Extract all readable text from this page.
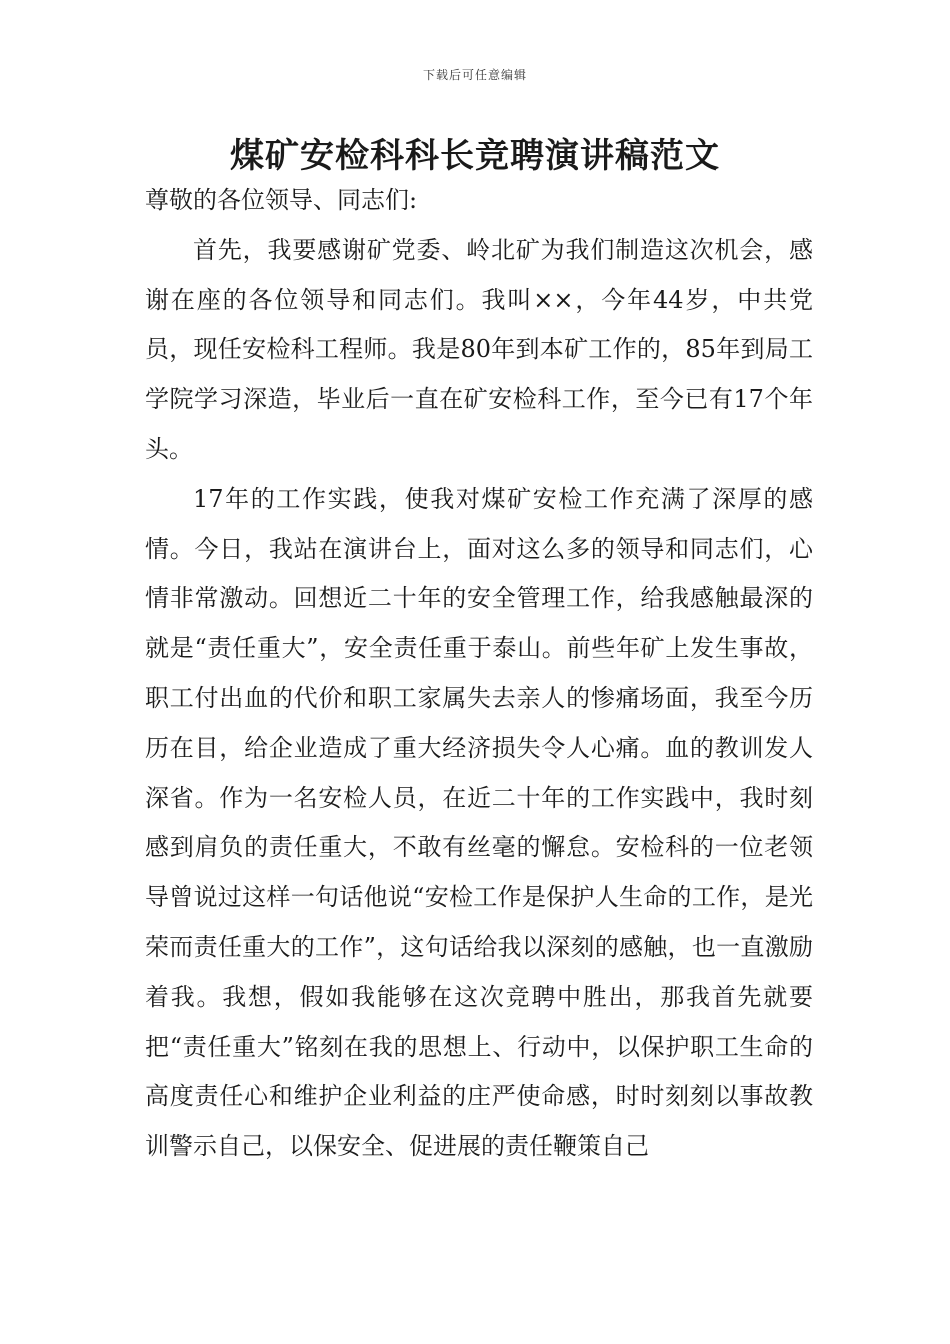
下载后可任意编辑
煤矿安检科科长竞聘演讲稿范文

尊敬的各位领导、同志们:

首先，我要感谢矿党委、岭北矿为我们制造这次机会，感谢在座的各位领导和同志们。我叫××，今年44岁，中共党员，现任安检科工程师。我是80年到本矿工作的，85年到局工学院学习深造，毕业后一直在矿安检科工作，至今已有17个年头。

17年的工作实践，使我对煤矿安检工作充满了深厚的感情。今日，我站在演讲台上，面对这么多的领导和同志们，心情非常激动。回想近二十年的安全管理工作，给我感触最深的就是“责任重大”，安全责任重于泰山。前些年矿上发生事故，职工付出血的代价和职工家属失去亲人的惨痛场面，我至今历历在目，给企业造成了重大经济损失令人心痛。血的教训发人深省。作为一名安检人员，在近二十年的工作实践中，我时刻感到肩负的责任重大，不敢有丝毫的懈怠。安检科的一位老领导曾说过这样一句话他说“安检工作是保护人生命的工作，是光荣而责任重大的工作”，这句话给我以深刻的感触，也一直激励着我。我想，假如我能够在这次竞聘中胜出，那我首先就要把“责任重大”铭刻在我的思想上、行动中，以保护职工生命的高度责任心和维护企业利益的庄严使命感，时时刻刻以事故教训警示自己，以保安全、促进展的责任鞭策自己
